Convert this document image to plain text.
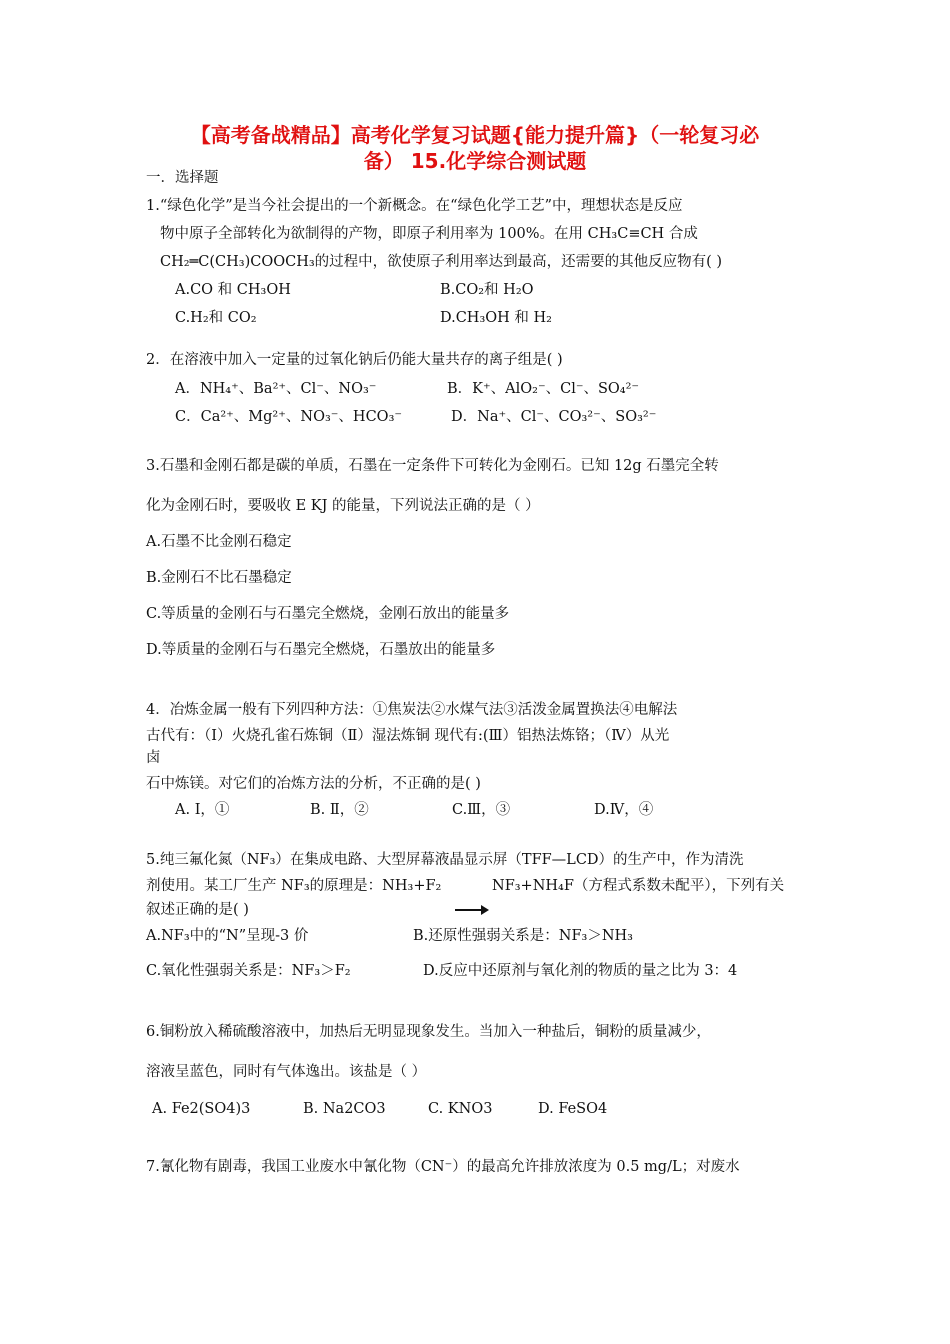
【高考备战精品】高考化学复习试题{能力提升篇}（一轮复习必
备） 15.化学综合测试题
一．选择题
1.“绿色化学”是当今社会提出的一个新概念。在“绿色化学工艺”中，理想状态是反应
物中原子全部转化为欲制得的产物，即原子利用率为 100%。在用 CH₃C≡CH 合成
CH₂═C(CH₃)COOCH₃的过程中，欲使原子利用率达到最高，还需要的其他反应物有( )
A.CO 和 CH₃OH	B.CO₂和 H₂O
C.H₂和 CO₂	D.CH₃OH 和 H₂
2．在溶液中加入一定量的过氧化钠后仍能大量共存的离子组是( )
A．NH₄⁺、Ba²⁺、Cl⁻、NO₃⁻	B．K⁺、AlO₂⁻、Cl⁻、SO₄²⁻
C．Ca²⁺、Mg²⁺、NO₃⁻、HCO₃⁻	D．Na⁺、Cl⁻、CO₃²⁻、SO₃²⁻
3.石墨和金刚石都是碳的单质，石墨在一定条件下可转化为金刚石。已知 12g 石墨完全转
化为金刚石时，要吸收 E KJ 的能量，下列说法正确的是（ ）
A.石墨不比金刚石稳定
B.金刚石不比石墨稳定
C.等质量的金刚石与石墨完全燃烧，金刚石放出的能量多
D.等质量的金刚石与石墨完全燃烧，石墨放出的能量多
4．冶炼金属一般有下列四种方法：①焦炭法②水煤气法③活泼金属置换法④电解法
古代有：（Ⅰ）火烧孔雀石炼铜（Ⅱ）湿法炼铜 现代有:(Ⅲ）铝热法炼铬；（Ⅳ）从光
卤
石中炼镁。对它们的冶炼方法的分析，不正确的是( )
A. Ⅰ，①	B. Ⅱ，②	C.Ⅲ，③	D.Ⅳ，④
5.纯三氟化氮（NF₃）在集成电路、大型屏幕液晶显示屏（TFF—LCD）的生产中，作为清洗
剂使用。某工厂生产 NF₃的原理是：NH₃+F₂	NF₃+NH₄F（方程式系数未配平），下列有关
叙述正确的是( )
A.NF₃中的“N”呈现-3 价	B.还原性强弱关系是：NF₃＞NH₃
C.氧化性强弱关系是：NF₃＞F₂	D.反应中还原剂与氧化剂的物质的量之比为 3：4
6.铜粉放入稀硫酸溶液中，加热后无明显现象发生。当加入一种盐后，铜粉的质量减少，
溶液呈蓝色，同时有气体逸出。该盐是（ ）
A. Fe2(SO4)3	B. Na2CO3	C. KNO3	D. FeSO4
7.氰化物有剧毒，我国工业废水中氰化物（CN⁻）的最高允许排放浓度为 0.5 mg/L；对废水
